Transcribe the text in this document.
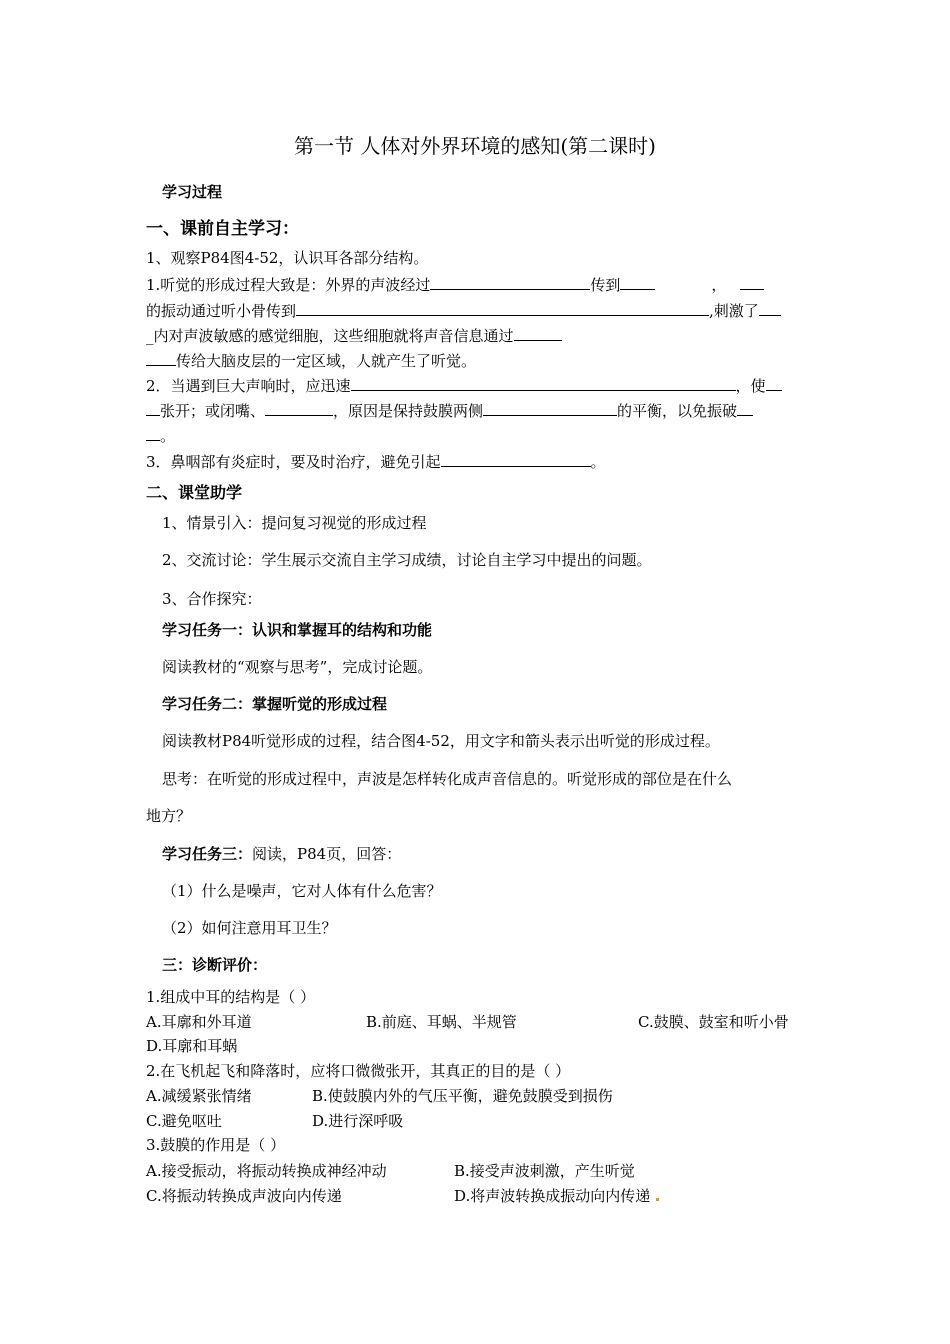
第一节 人体对外界环境的感知(第二课时)
学习过程
一、课前自主学习：
1、观察P84图4-52，认识耳各部分结构。
1.听觉的形成过程大致是：外界的声波经过	传到	，
的振动通过听小骨传到	,刺激了
_内对声波敏感的感觉细胞，这些细胞就将声音信息通过
传给大脑皮层的一定区域，人就产生了听觉。
2．当遇到巨大声响时，应迅速	，使
张开；或闭嘴、	，原因是保持鼓膜两侧	的平衡，以免振破
。
3．鼻咽部有炎症时，要及时治疗，避免引起	。
二、课堂助学
1、情景引入：提问复习视觉的形成过程
2、交流讨论：学生展示交流自主学习成绩，讨论自主学习中提出的问题。
3、合作探究：
学习任务一：认识和掌握耳的结构和功能
阅读教材的“观察与思考”，完成讨论题。
学习任务二：掌握听觉的形成过程
阅读教材P84听觉形成的过程，结合图4-52，用文字和箭头表示出听觉的形成过程。
思考：在听觉的形成过程中，声波是怎样转化成声音信息的。听觉形成的部位是在什么
地方？
学习任务三：阅读，P84页，回答：
（1）什么是噪声，它对人体有什么危害？
（2）如何注意用耳卫生？
三：诊断评价：
1.组成中耳的结构是（ ）
A.耳廓和外耳道	B.前庭、耳蜗、半规管	C.鼓膜、鼓室和听小骨
D.耳廓和耳蜗
2.在飞机起飞和降落时，应将口微微张开，其真正的目的是（ ）
A.减缓紧张情绪	B.使鼓膜内外的气压平衡，避免鼓膜受到损伤
C.避免呕吐	D.进行深呼吸
3.鼓膜的作用是（ ）
A.接受振动，将振动转换成神经冲动	B.接受声波刺激，产生听觉
C.将振动转换成声波向内传递	D.将声波转换成振动向内传递
